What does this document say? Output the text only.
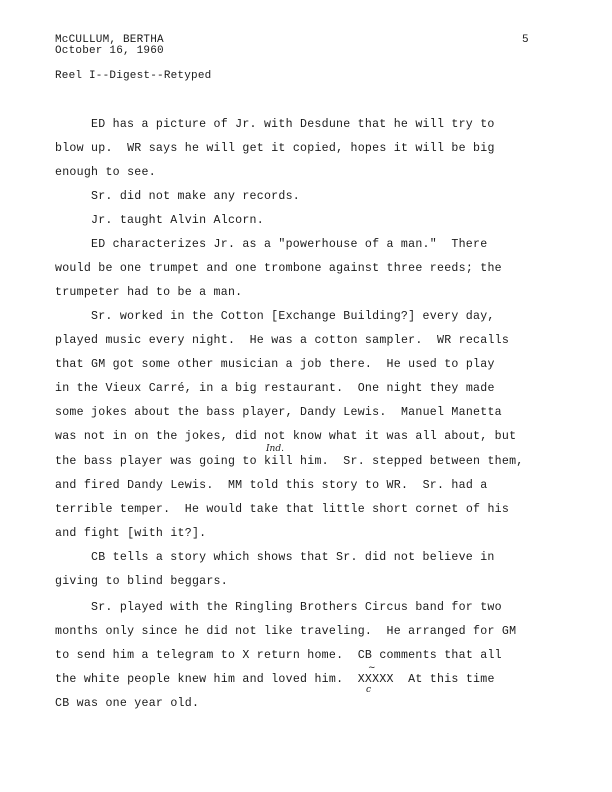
McCULLUM, BERTHA
October 16, 1960
Reel I--Digest--Retyped
5
ED has a picture of Jr. with Desdune that he will try to
blow up.  WR says he will get it copied, hopes it will be big
enough to see.
Sr. did not make any records.
Jr. taught Alvin Alcorn.
ED characterizes Jr. as a "powerhouse of a man."  There
would be one trumpet and one trombone against three reeds; the
trumpeter had to be a man.
Sr. worked in the Cotton [Exchange Building?] every day,
played music every night.  He was a cotton sampler.  WR recalls
that GM got some other musician a job there.  He used to play
in the Vieux Carré, in a big restaurant.  One night they made
some jokes about the bass player, Dandy Lewis.  Manuel Manetta
was not in on the jokes, did not know what it was all about, but
the bass player was going to kill him.  Sr. stepped between them,
and fired Dandy Lewis.  MM told this story to WR.  Sr. had a
terrible temper.  He would take that little short cornet of his
and fight [with it?].
CB tells a story which shows that Sr. did not believe in
giving to blind beggars.
Sr. played with the Ringling Brothers Circus band for two
months only since he did not like traveling.  He arranged for GM
to send him a telegram to X return home.  CB comments that all
the white people knew him and loved him.  XXXXX  At this time
CB was one year old.
Ind.
~
c
